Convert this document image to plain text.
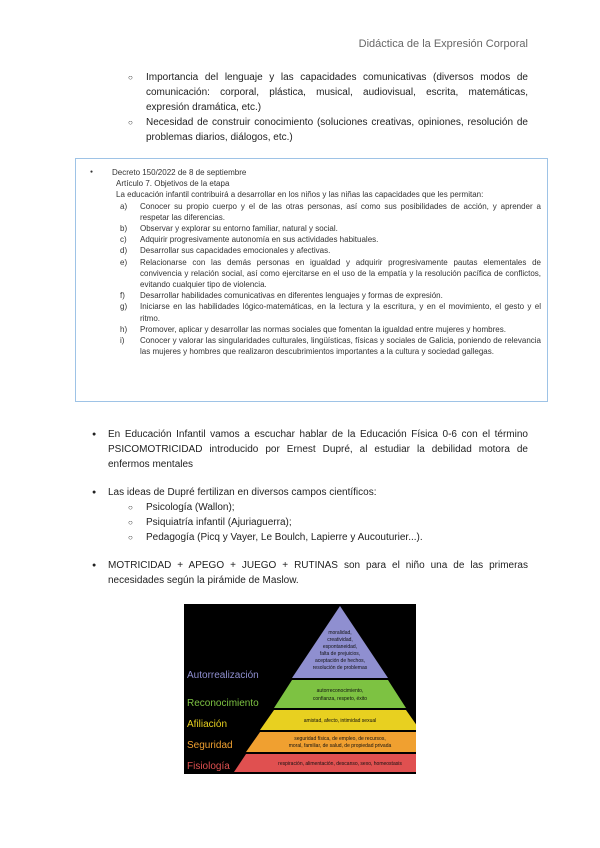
Didáctica de la Expresión Corporal
○ Importancia del lenguaje y las capacidades comunicativas (diversos modos de comunicación: corporal, plástica, musical, audiovisual, escrita, matemáticas, expresión dramática, etc.)
○ Necesidad de construir conocimiento (soluciones creativas, opiniones, resolución de problemas diarios, diálogos, etc.)
● Decreto 150/2022 de 8 de septiembre
Artículo 7. Objetivos de la etapa
La educación infantil contribuirá a desarrollar en los niños y las niñas las capacidades que les permitan:
a) Conocer su propio cuerpo y el de las otras personas, así como sus posibilidades de acción, y aprender a respetar las diferencias.
b) Observar y explorar su entorno familiar, natural y social.
c) Adquirir progresivamente autonomía en sus actividades habituales.
d) Desarrollar sus capacidades emocionales y afectivas.
e) Relacionarse con las demás personas en igualdad y adquirir progresivamente pautas elementales de convivencia y relación social, así como ejercitarse en el uso de la empatía y la resolución pacífica de conflictos, evitando cualquier tipo de violencia.
f) Desarrollar habilidades comunicativas en diferentes lenguajes y formas de expresión.
g) Iniciarse en las habilidades lógico-matemáticas, en la lectura y la escritura, y en el movimiento, el gesto y el ritmo.
h) Promover, aplicar y desarrollar las normas sociales que fomentan la igualdad entre mujeres y hombres.
i) Conocer y valorar las singularidades culturales, lingüísticas, físicas y sociales de Galicia, poniendo de relevancia las mujeres y hombres que realizaron descubrimientos importantes a la cultura y sociedad gallegas.
● En Educación Infantil vamos a escuchar hablar de la Educación Física 0-6 con el término PSICOMOTRICIDAD introducido por Ernest Dupré, al estudiar la debilidad motora de enfermos mentales
● Las ideas de Dupré fertilizan en diversos campos científicos:
○ Psicología (Wallon);
○ Psiquiatría infantil (Ajuriaguerra);
○ Pedagogía (Picq y Vayer, Le Boulch, Lapierre y Aucouturier...).
● MOTRICIDAD + APEGO + JUEGO + RUTINAS son para el niño una de las primeras necesidades según la pirámide de Maslow.
moralidad,
creatividad,
espontaneidad,
falta de prejuicios,
aceptación de hechos,
resolución de problemas
autorreconocimiento,
confianza, respeto, éxito
amistad, afecto, intimidad sexual
seguridad física, de empleo, de recursos,
moral, familiar, de salud, de propiedad privada
respiración, alimentación, descanso, sexo, homeostasis
Autorrealización
Reconocimiento
Afiliación
Seguridad
Fisiología
